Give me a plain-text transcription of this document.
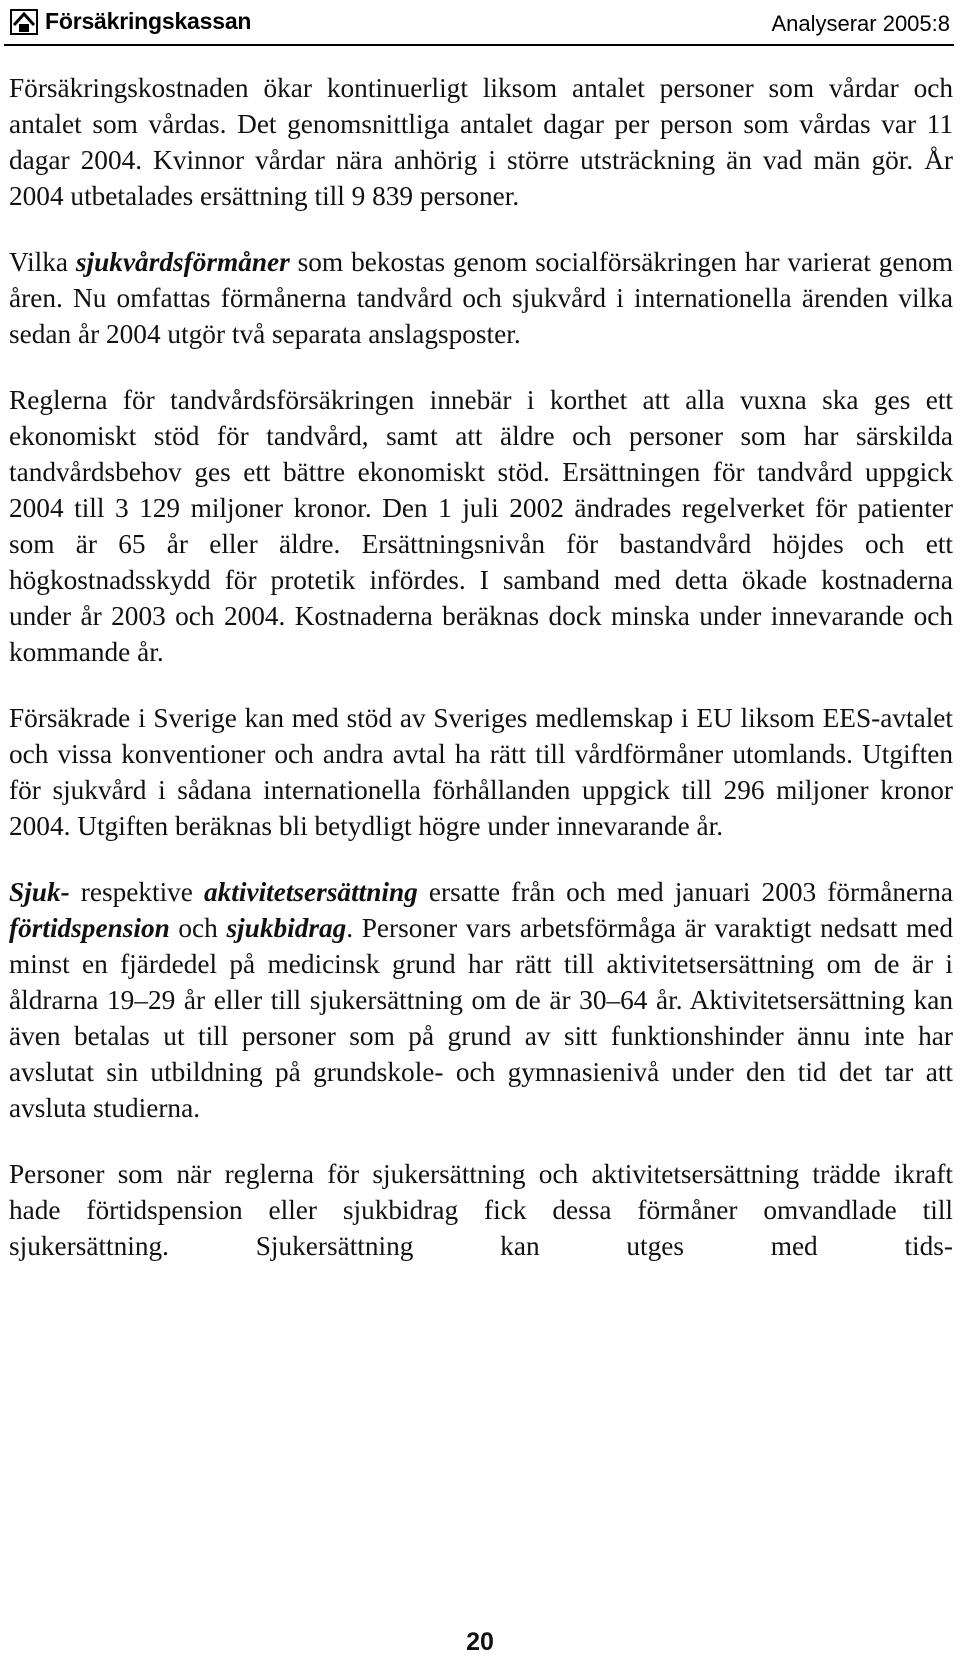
Försäkringskassan	Analyserar 2005:8

Försäkringskostnaden ökar kontinuerligt liksom antalet personer som vårdar och antalet som vårdas. Det genomsnittliga antalet dagar per person som vårdas var 11 dagar 2004. Kvinnor vårdar nära anhörig i större utsträckning än vad män gör. År 2004 utbetalades ersättning till 9 839 personer.

Vilka sjukvårdsförmåner som bekostas genom socialförsäkringen har varierat genom åren. Nu omfattas förmånerna tandvård och sjukvård i internationella ärenden vilka sedan år 2004 utgör två separata anslagsposter.

Reglerna för tandvårdsförsäkringen innebär i korthet att alla vuxna ska ges ett ekonomiskt stöd för tandvård, samt att äldre och personer som har särskilda tandvårdsbehov ges ett bättre ekonomiskt stöd. Ersättningen för tandvård uppgick 2004 till 3 129 miljoner kronor. Den 1 juli 2002 ändrades regelverket för patienter som är 65 år eller äldre. Ersättningsnivån för bastandvård höjdes och ett högkostnadsskydd för protetik infördes. I samband med detta ökade kostnaderna under år 2003 och 2004. Kostnaderna beräknas dock minska under innevarande och kommande år.

Försäkrade i Sverige kan med stöd av Sveriges medlemskap i EU liksom EES-avtalet och vissa konventioner och andra avtal ha rätt till vårdförmåner utomlands. Utgiften för sjukvård i sådana internationella förhållanden uppgick till 296 miljoner kronor 2004. Utgiften beräknas bli betydligt högre under innevarande år.

Sjuk- respektive aktivitetsersättning ersatte från och med januari 2003 förmånerna förtidspension och sjukbidrag. Personer vars arbetsförmåga är varaktigt nedsatt med minst en fjärdedel på medicinsk grund har rätt till aktivitetsersättning om de är i åldrarna 19–29 år eller till sjukersättning om de är 30–64 år. Aktivitetsersättning kan även betalas ut till personer som på grund av sitt funktionshinder ännu inte har avslutat sin utbildning på grundskole- och gymnasienivå under den tid det tar att avsluta studierna.

Personer som när reglerna för sjukersättning och aktivitetsersättning trädde ikraft hade förtidspension eller sjukbidrag fick dessa förmåner omvandlade till sjukersättning. Sjukersättning kan utges med tids-

20
